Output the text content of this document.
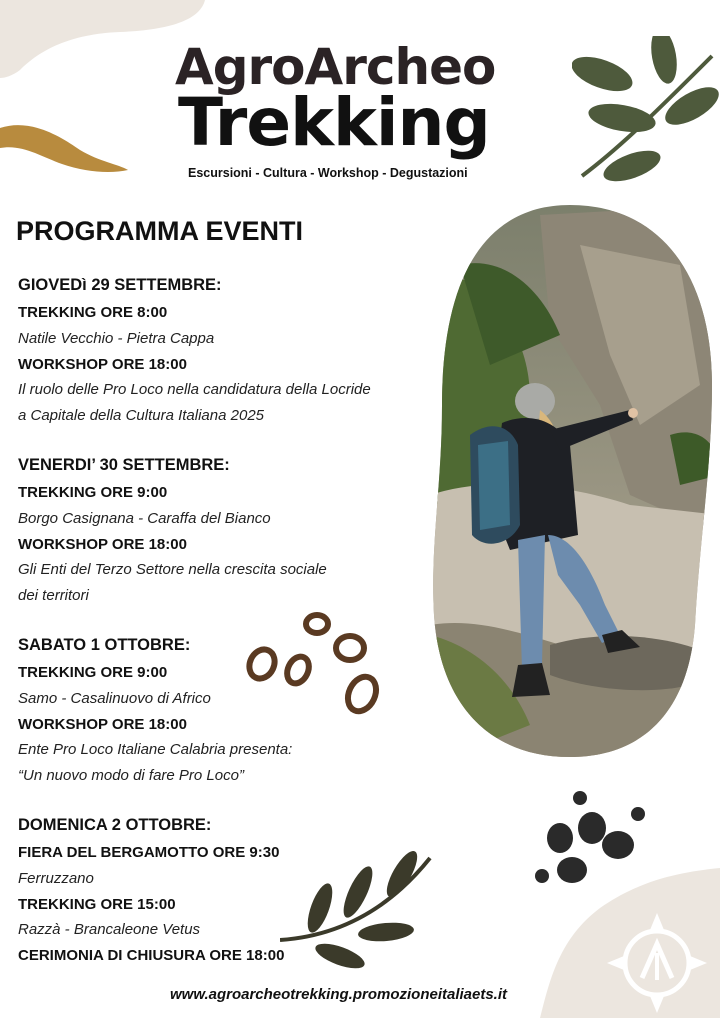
AgroArcheo
Trekking
Escursioni - Cultura - Workshop - Degustazioni
PROGRAMMA EVENTI
GIOVEDì 29 SETTEMBRE:
TREKKING ORE 8:00
Natile Vecchio - Pietra Cappa
WORKSHOP ORE 18:00
Il ruolo delle Pro Loco nella candidatura della Locride
a Capitale della Cultura Italiana 2025
VENERDI’ 30 SETTEMBRE:
TREKKING ORE 9:00
Borgo Casignana - Caraffa del Bianco
WORKSHOP ORE 18:00
Gli Enti del Terzo Settore nella crescita sociale
dei territori
SABATO 1 OTTOBRE:
TREKKING ORE 9:00
Samo - Casalinuovo di Africo
WORKSHOP ORE 18:00
Ente Pro Loco Italiane Calabria presenta:
“Un nuovo modo di fare Pro Loco”
DOMENICA 2 OTTOBRE:
FIERA DEL BERGAMOTTO ORE 9:30
Ferruzzano
TREKKING ORE 15:00
Razzà - Brancaleone Vetus
CERIMONIA DI CHIUSURA ORE 18:00
www.agroarcheotrekking.promozioneitaliaets.it
